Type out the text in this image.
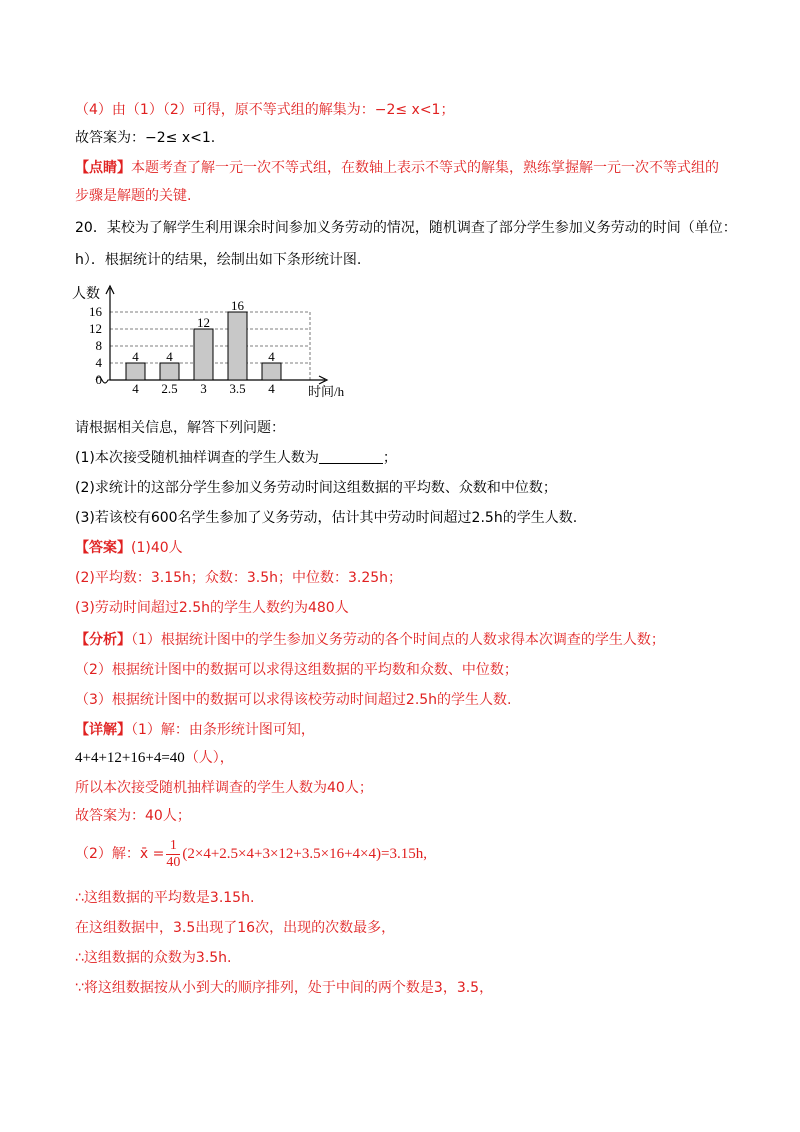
（4）由（1）（2）可得，原不等式组的解集为：−2≤ x<1；
故答案为：−2≤ x<1.
【点睛】本题考查了解一元一次不等式组，在数轴上表示不等式的解集，熟练掌握解一元一次不等式组的
步骤是解题的关键.
20．某校为了解学生利用课余时间参加义务劳动的情况，随机调查了部分学生参加义务劳动的时间（单位：
h）．根据统计的结果，绘制出如下条形统计图.
0
4
8
12
16
人数
时间/h
4
4
4
2.5
12
3
16
3.5
4
4
请根据相关信息，解答下列问题：
(1)本次接受随机抽样调查的学生人数为	；
(2)求统计的这部分学生参加义务劳动时间这组数据的平均数、众数和中位数；
(3)若该校有600名学生参加了义务劳动，估计其中劳动时间超过2.5h的学生人数.
【答案】(1)40人
(2)平均数：3.15h；众数：3.5h；中位数：3.25h；
(3)劳动时间超过2.5h的学生人数约为480人
【分析】（1）根据统计图中的学生参加义务劳动的各个时间点的人数求得本次调查的学生人数；
（2）根据统计图中的数据可以求得这组数据的平均数和众数、中位数；
（3）根据统计图中的数据可以求得该校劳动时间超过2.5h的学生人数.
【详解】（1）解：由条形统计图可知，
4+4+12+16+4=40（人），
所以本次接受随机抽样调查的学生人数为40人；
故答案为：40人；
（2）解：x̄ = $\frac{1}{40} (2\times 4+2.5\times 4+3\times 12+3.5\times 16+4\times 4)=3.15h$,
∴这组数据的平均数是3.15h.
在这组数据中，3.5出现了16次，出现的次数最多，
∴这组数据的众数为3.5h.
∵将这组数据按从小到大的顺序排列，处于中间的两个数是3，3.5，
